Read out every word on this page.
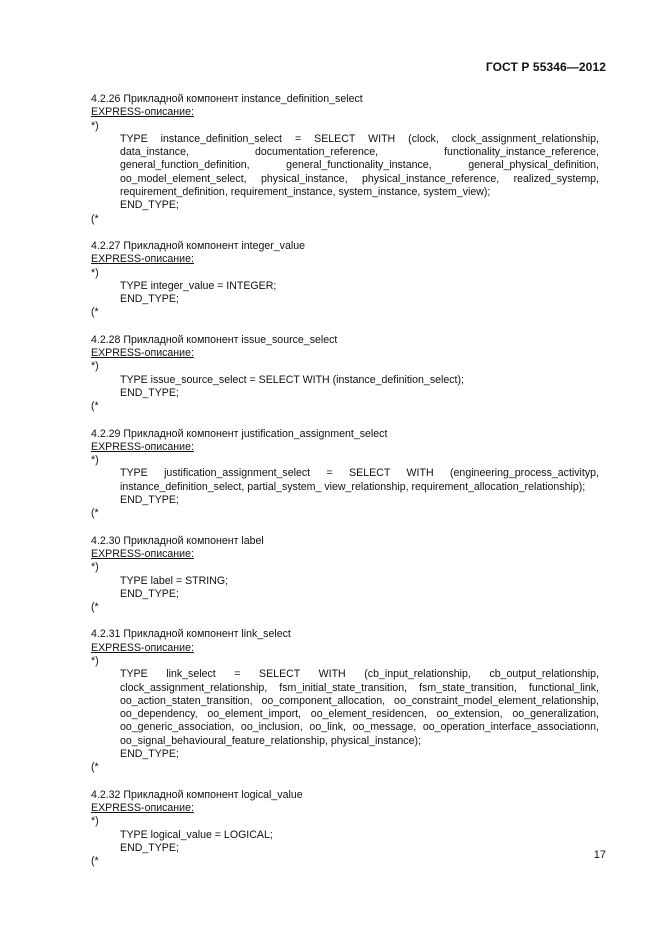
ГОСТ Р 55346—2012

4.2.26 Прикладной компонент instance_definition_select

EXPRESS-описание:

*)

TYPE instance_definition_select = SELECT WITH (clock, clock_assignment_relationship, data_instance, documentation_reference, functionality_instance_reference, general_function_definition, general_functionality_instance, general_physical_definition, oo_model_element_select, physical_instance, physical_instance_reference, realized_systemp, requirement_definition, requirement_instance, system_instance, system_view);

END_TYPE;

(*

4.2.27 Прикладной компонент integer_value

EXPRESS-описание:

*)

TYPE integer_value = INTEGER;

END_TYPE;

(*

4.2.28 Прикладной компонент issue_source_select

EXPRESS-описание:

*)

TYPE issue_source_select = SELECT WITH (instance_definition_select);

END_TYPE;

(*

4.2.29 Прикладной компонент justification_assignment_select

EXPRESS-описание:

*)

TYPE justification_assignment_select = SELECT WITH (engineering_process_activityp, instance_definition_select, partial_system_ view_relationship, requirement_allocation_relationship);

END_TYPE;

(*

4.2.30 Прикладной компонент label

EXPRESS-описание:

*)

TYPE label = STRING;

END_TYPE;

(*

4.2.31 Прикладной компонент link_select

EXPRESS-описание:

*)

TYPE link_select = SELECT WITH (cb_input_relationship, cb_output_relationship, clock_assignment_relationship, fsm_initial_state_transition, fsm_state_transition, functional_link, oo_action_staten_transition, oo_component_allocation, oo_constraint_model_element_relationship, oo_dependency, oo_element_import, oo_element_residencen, oo_extension, oo_generalization, oo_generic_association, oo_inclusion, oo_link, oo_message, oo_operation_interface_associationn, oo_signal_behavioural_feature_relationship, physical_instance);

END_TYPE;

(*

4.2.32 Прикладной компонент logical_value

EXPRESS-описание:

*)

TYPE logical_value = LOGICAL;

END_TYPE;

(*

17
